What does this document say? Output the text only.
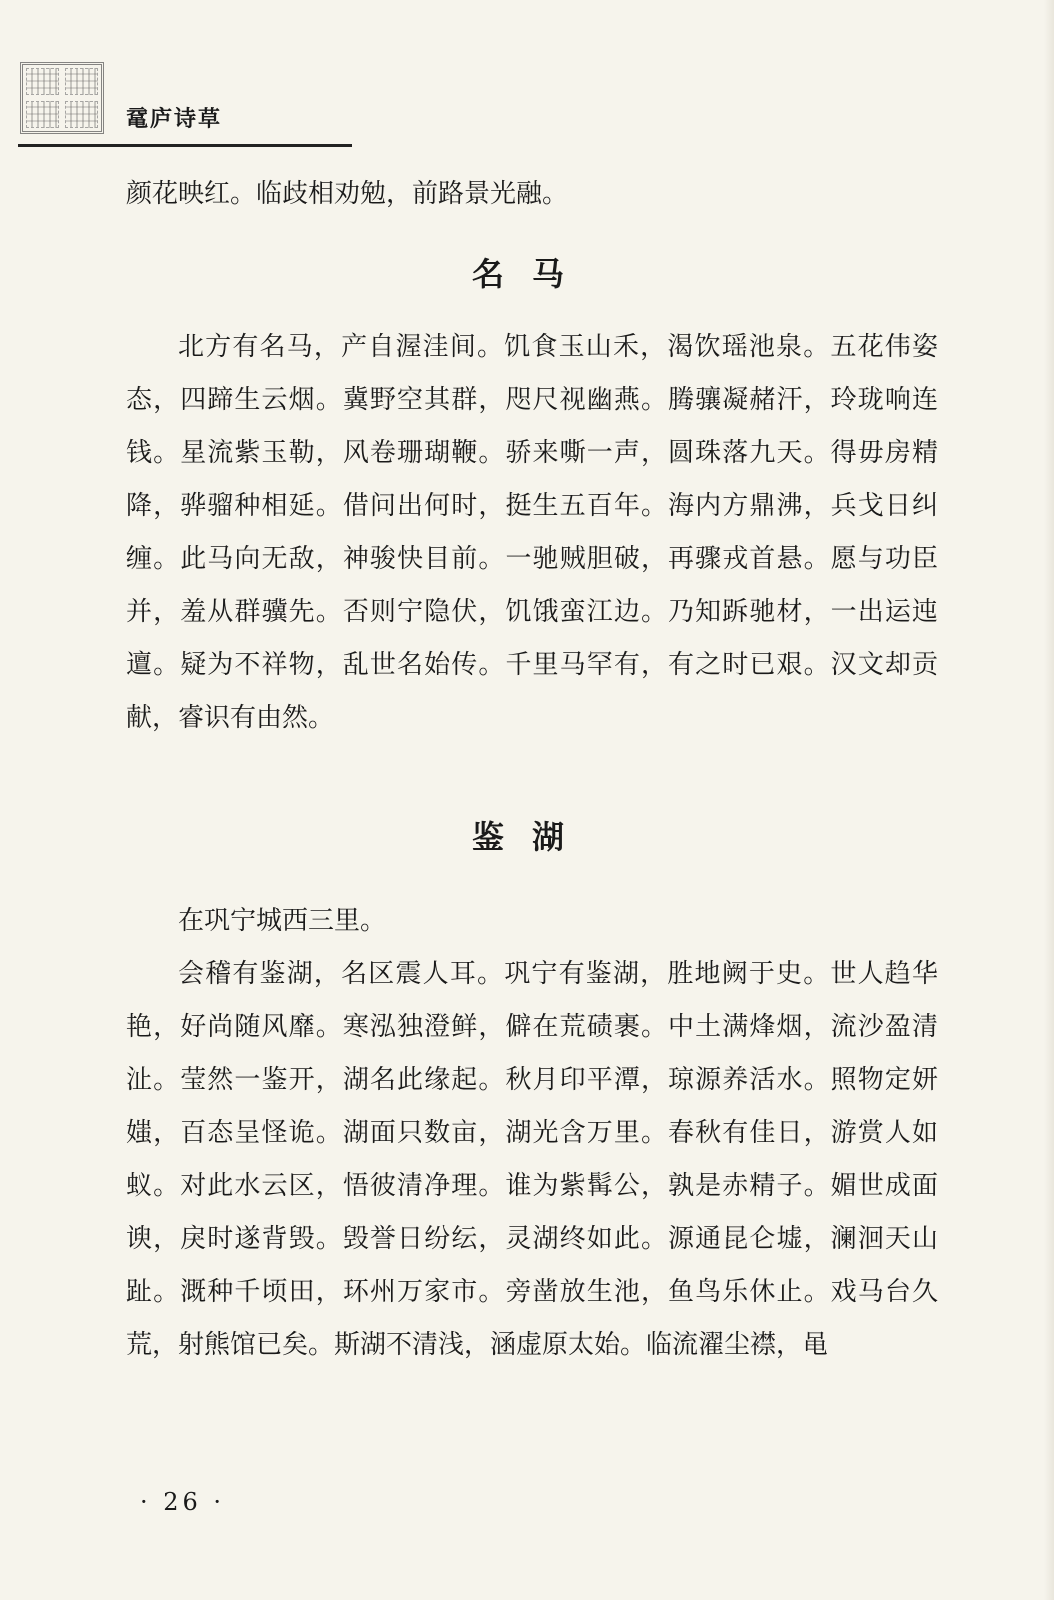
鼋庐诗草

颜花映红。临歧相劝勉，前路景光融。

名马

北方有名马，产自渥洼间。饥食玉山禾，渴饮瑶池泉。五花伟姿态，四蹄生云烟。冀野空其群，咫尺视幽燕。腾骧凝赭汗，玲珑响连钱。星流紫玉勒，风卷珊瑚鞭。骄来嘶一声，圆珠落九天。得毋房精降，骅骝种相延。借问出何时，挺生五百年。海内方鼎沸，兵戈日纠缠。此马向无敌，神骏快目前。一驰贼胆破，再骤戎首悬。愿与功臣并，羞从群骥先。否则宁隐伏，饥饿蛮江边。乃知跅驰材，一出运迍邅。疑为不祥物，乱世名始传。千里马罕有，有之时已艰。汉文却贡献，睿识有由然。

鉴湖

在巩宁城西三里。

会稽有鉴湖，名区震人耳。巩宁有鉴湖，胜地阙于史。世人趋华艳，好尚随风靡。寒泓独澄鲜，僻在荒碛裹。中土满烽烟，流沙盈清沚。莹然一鉴开，湖名此缘起。秋月印平潭，琼源养活水。照物定妍媸，百态呈怪诡。湖面只数亩，湖光含万里。春秋有佳日，游赏人如蚁。对此水云区，悟彼清净理。谁为紫髯公，孰是赤精子。媚世成面谀，戾时遂背毁。毁誉日纷纭，灵湖终如此。源通昆仑墟，澜洄天山趾。溉种千顷田，环州万家市。旁凿放生池，鱼鸟乐休止。戏马台久荒，射熊馆已矣。斯湖不清浅，涵虚原太始。临流濯尘襟，黾

· 26 ·
